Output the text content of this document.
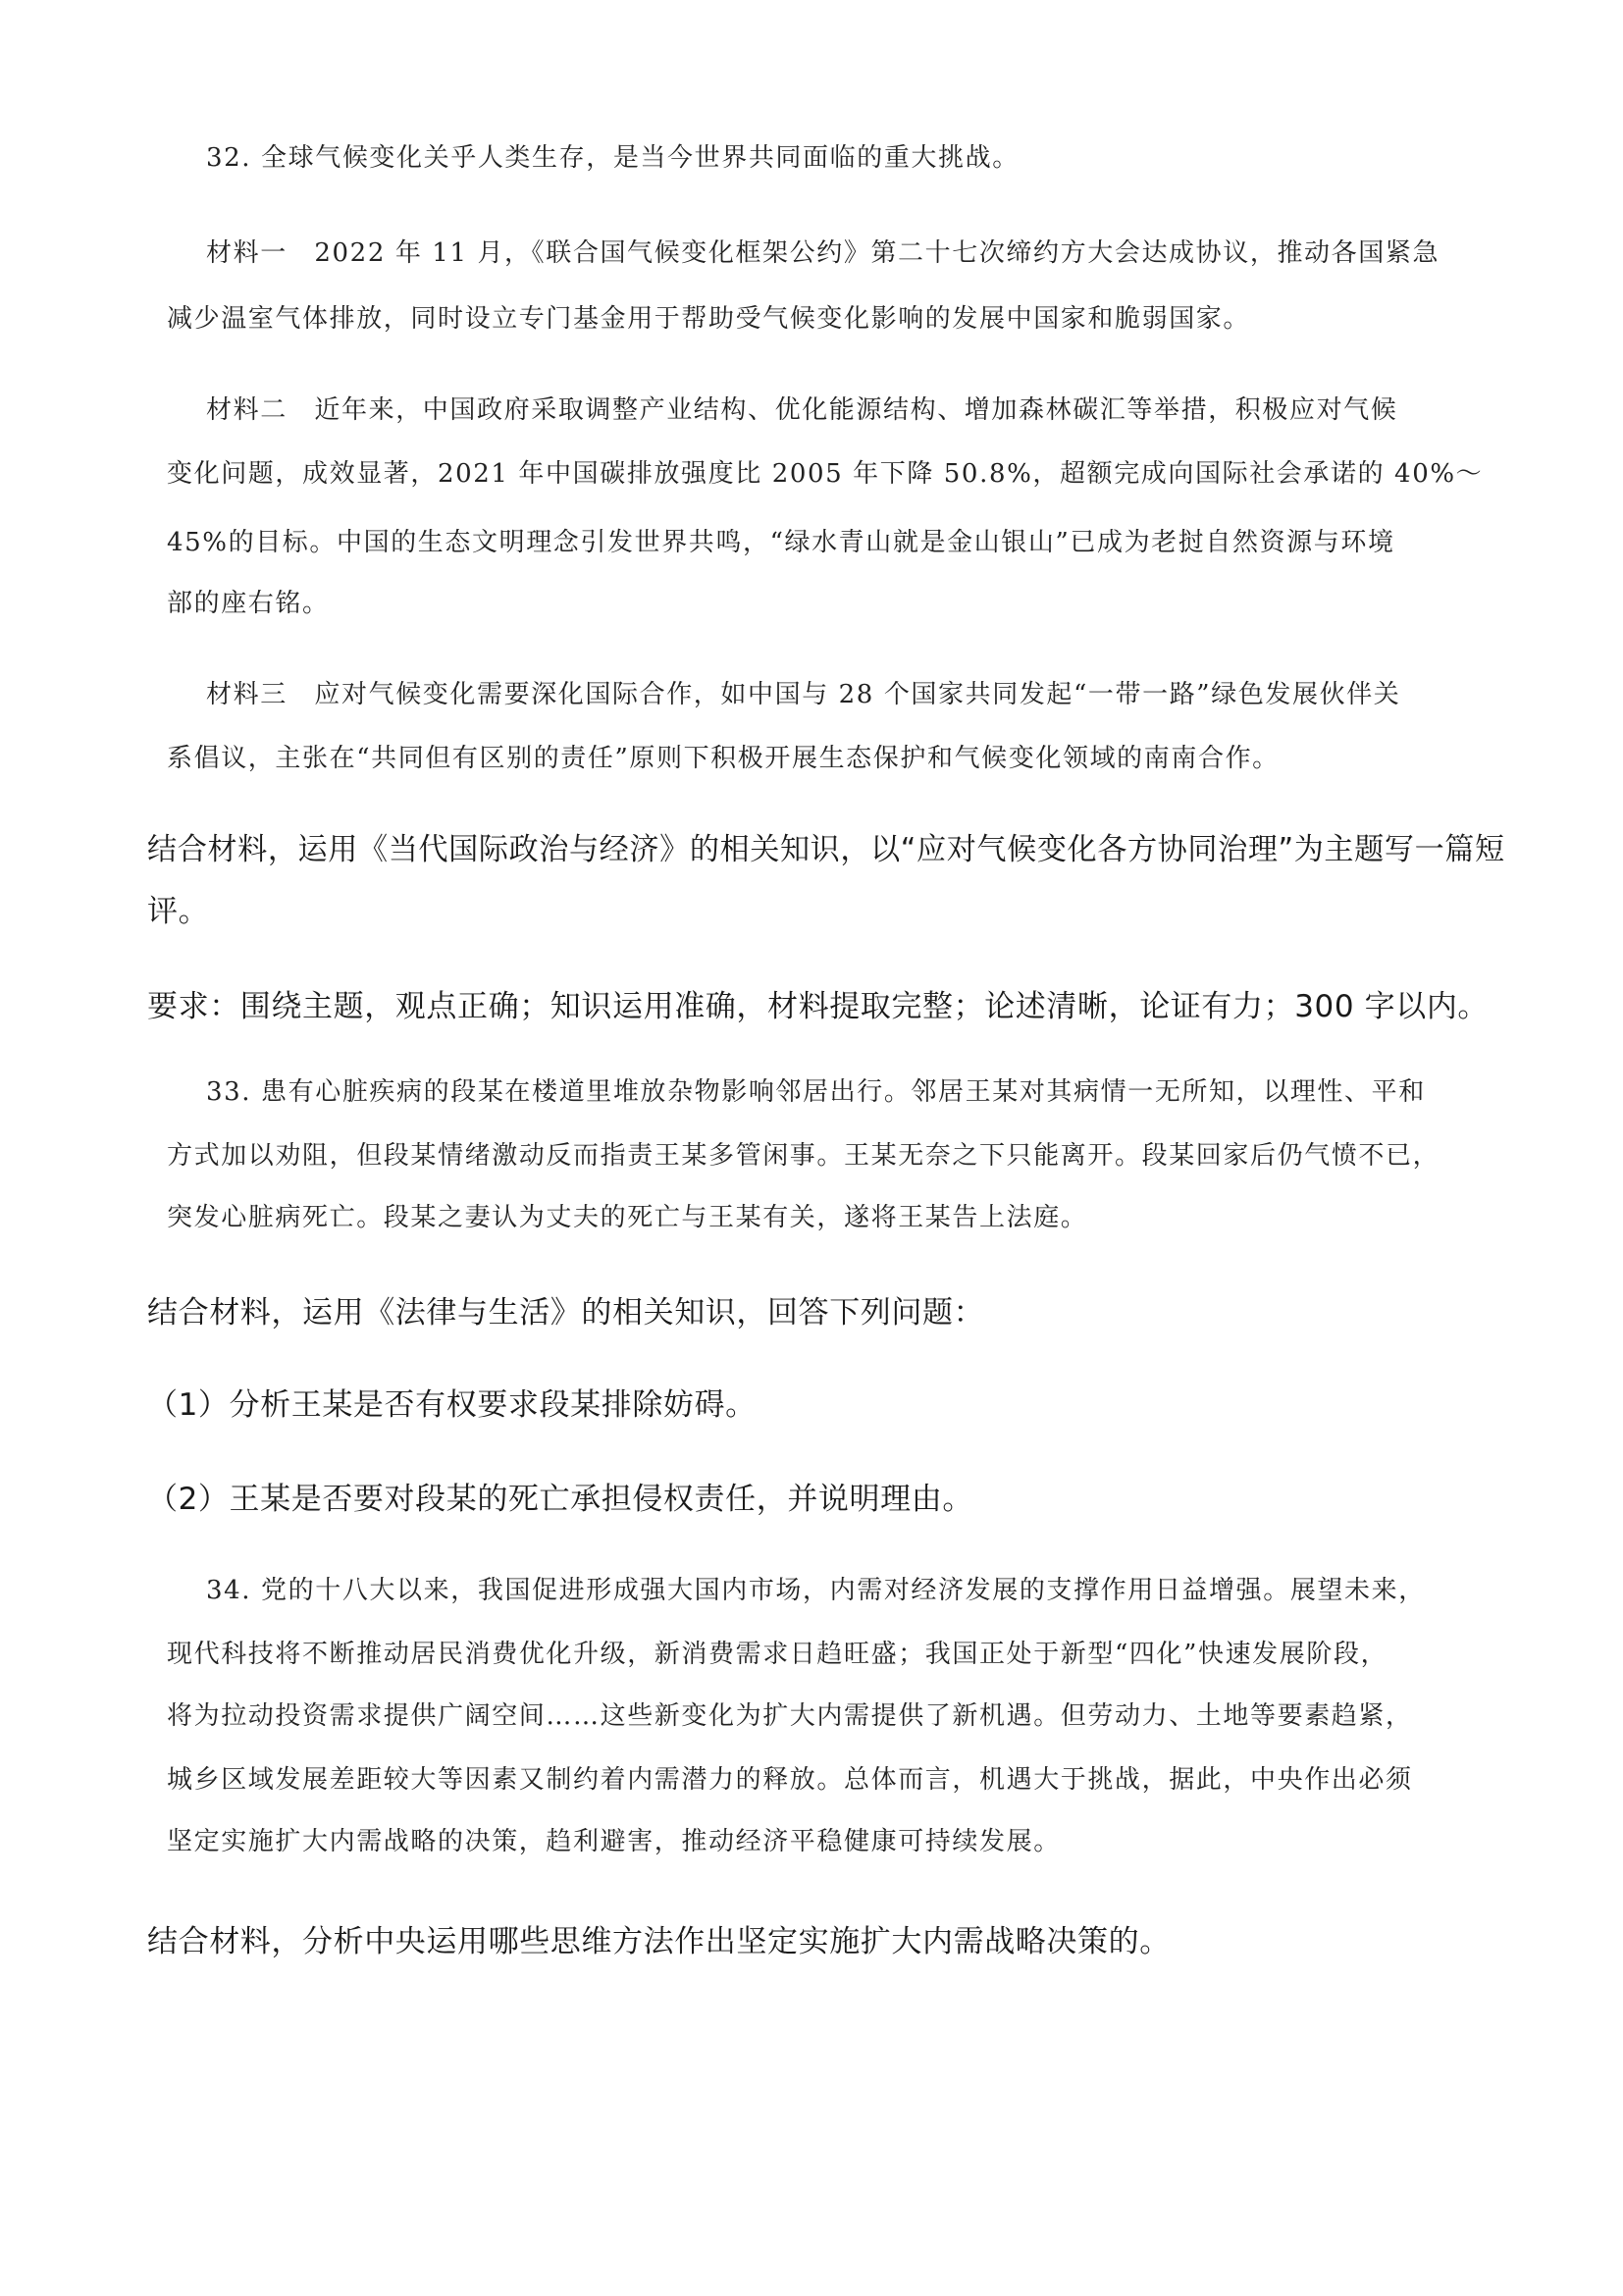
32. 全球气候变化关乎人类生存，是当今世界共同面临的重大挑战。

材料一　2022 年 11 月，《联合国气候变化框架公约》第二十七次缔约方大会达成协议，推动各国紧急

减少温室气体排放，同时设立专门基金用于帮助受气候变化影响的发展中国家和脆弱国家。

材料二　近年来，中国政府采取调整产业结构、优化能源结构、增加森林碳汇等举措，积极应对气候

变化问题，成效显著，2021 年中国碳排放强度比 2005 年下降 50.8%，超额完成向国际社会承诺的 40%～

45%的目标。中国的生态文明理念引发世界共鸣，“绿水青山就是金山银山”已成为老挝自然资源与环境

部的座右铭。

材料三　应对气候变化需要深化国际合作，如中国与 28 个国家共同发起“一带一路”绿色发展伙伴关

系倡议，主张在“共同但有区别的责任”原则下积极开展生态保护和气候变化领域的南南合作。

结合材料，运用《当代国际政治与经济》的相关知识，以“应对气候变化各方协同治理”为主题写一篇短

评。

要求：围绕主题，观点正确；知识运用准确，材料提取完整；论述清晰，论证有力；300 字以内。

33. 患有心脏疾病的段某在楼道里堆放杂物影响邻居出行。邻居王某对其病情一无所知，以理性、平和

方式加以劝阻，但段某情绪激动反而指责王某多管闲事。王某无奈之下只能离开。段某回家后仍气愤不已，

突发心脏病死亡。段某之妻认为丈夫的死亡与王某有关，遂将王某告上法庭。

结合材料，运用《法律与生活》的相关知识，回答下列问题：

（1）分析王某是否有权要求段某排除妨碍。

（2）王某是否要对段某的死亡承担侵权责任，并说明理由。

34. 党的十八大以来，我国促进形成强大国内市场，内需对经济发展的支撑作用日益增强。展望未来，

现代科技将不断推动居民消费优化升级，新消费需求日趋旺盛；我国正处于新型“四化”快速发展阶段，

将为拉动投资需求提供广阔空间……这些新变化为扩大内需提供了新机遇。但劳动力、土地等要素趋紧，

城乡区域发展差距较大等因素又制约着内需潜力的释放。总体而言，机遇大于挑战，据此，中央作出必须

坚定实施扩大内需战略的决策，趋利避害，推动经济平稳健康可持续发展。

结合材料，分析中央运用哪些思维方法作出坚定实施扩大内需战略决策的。
